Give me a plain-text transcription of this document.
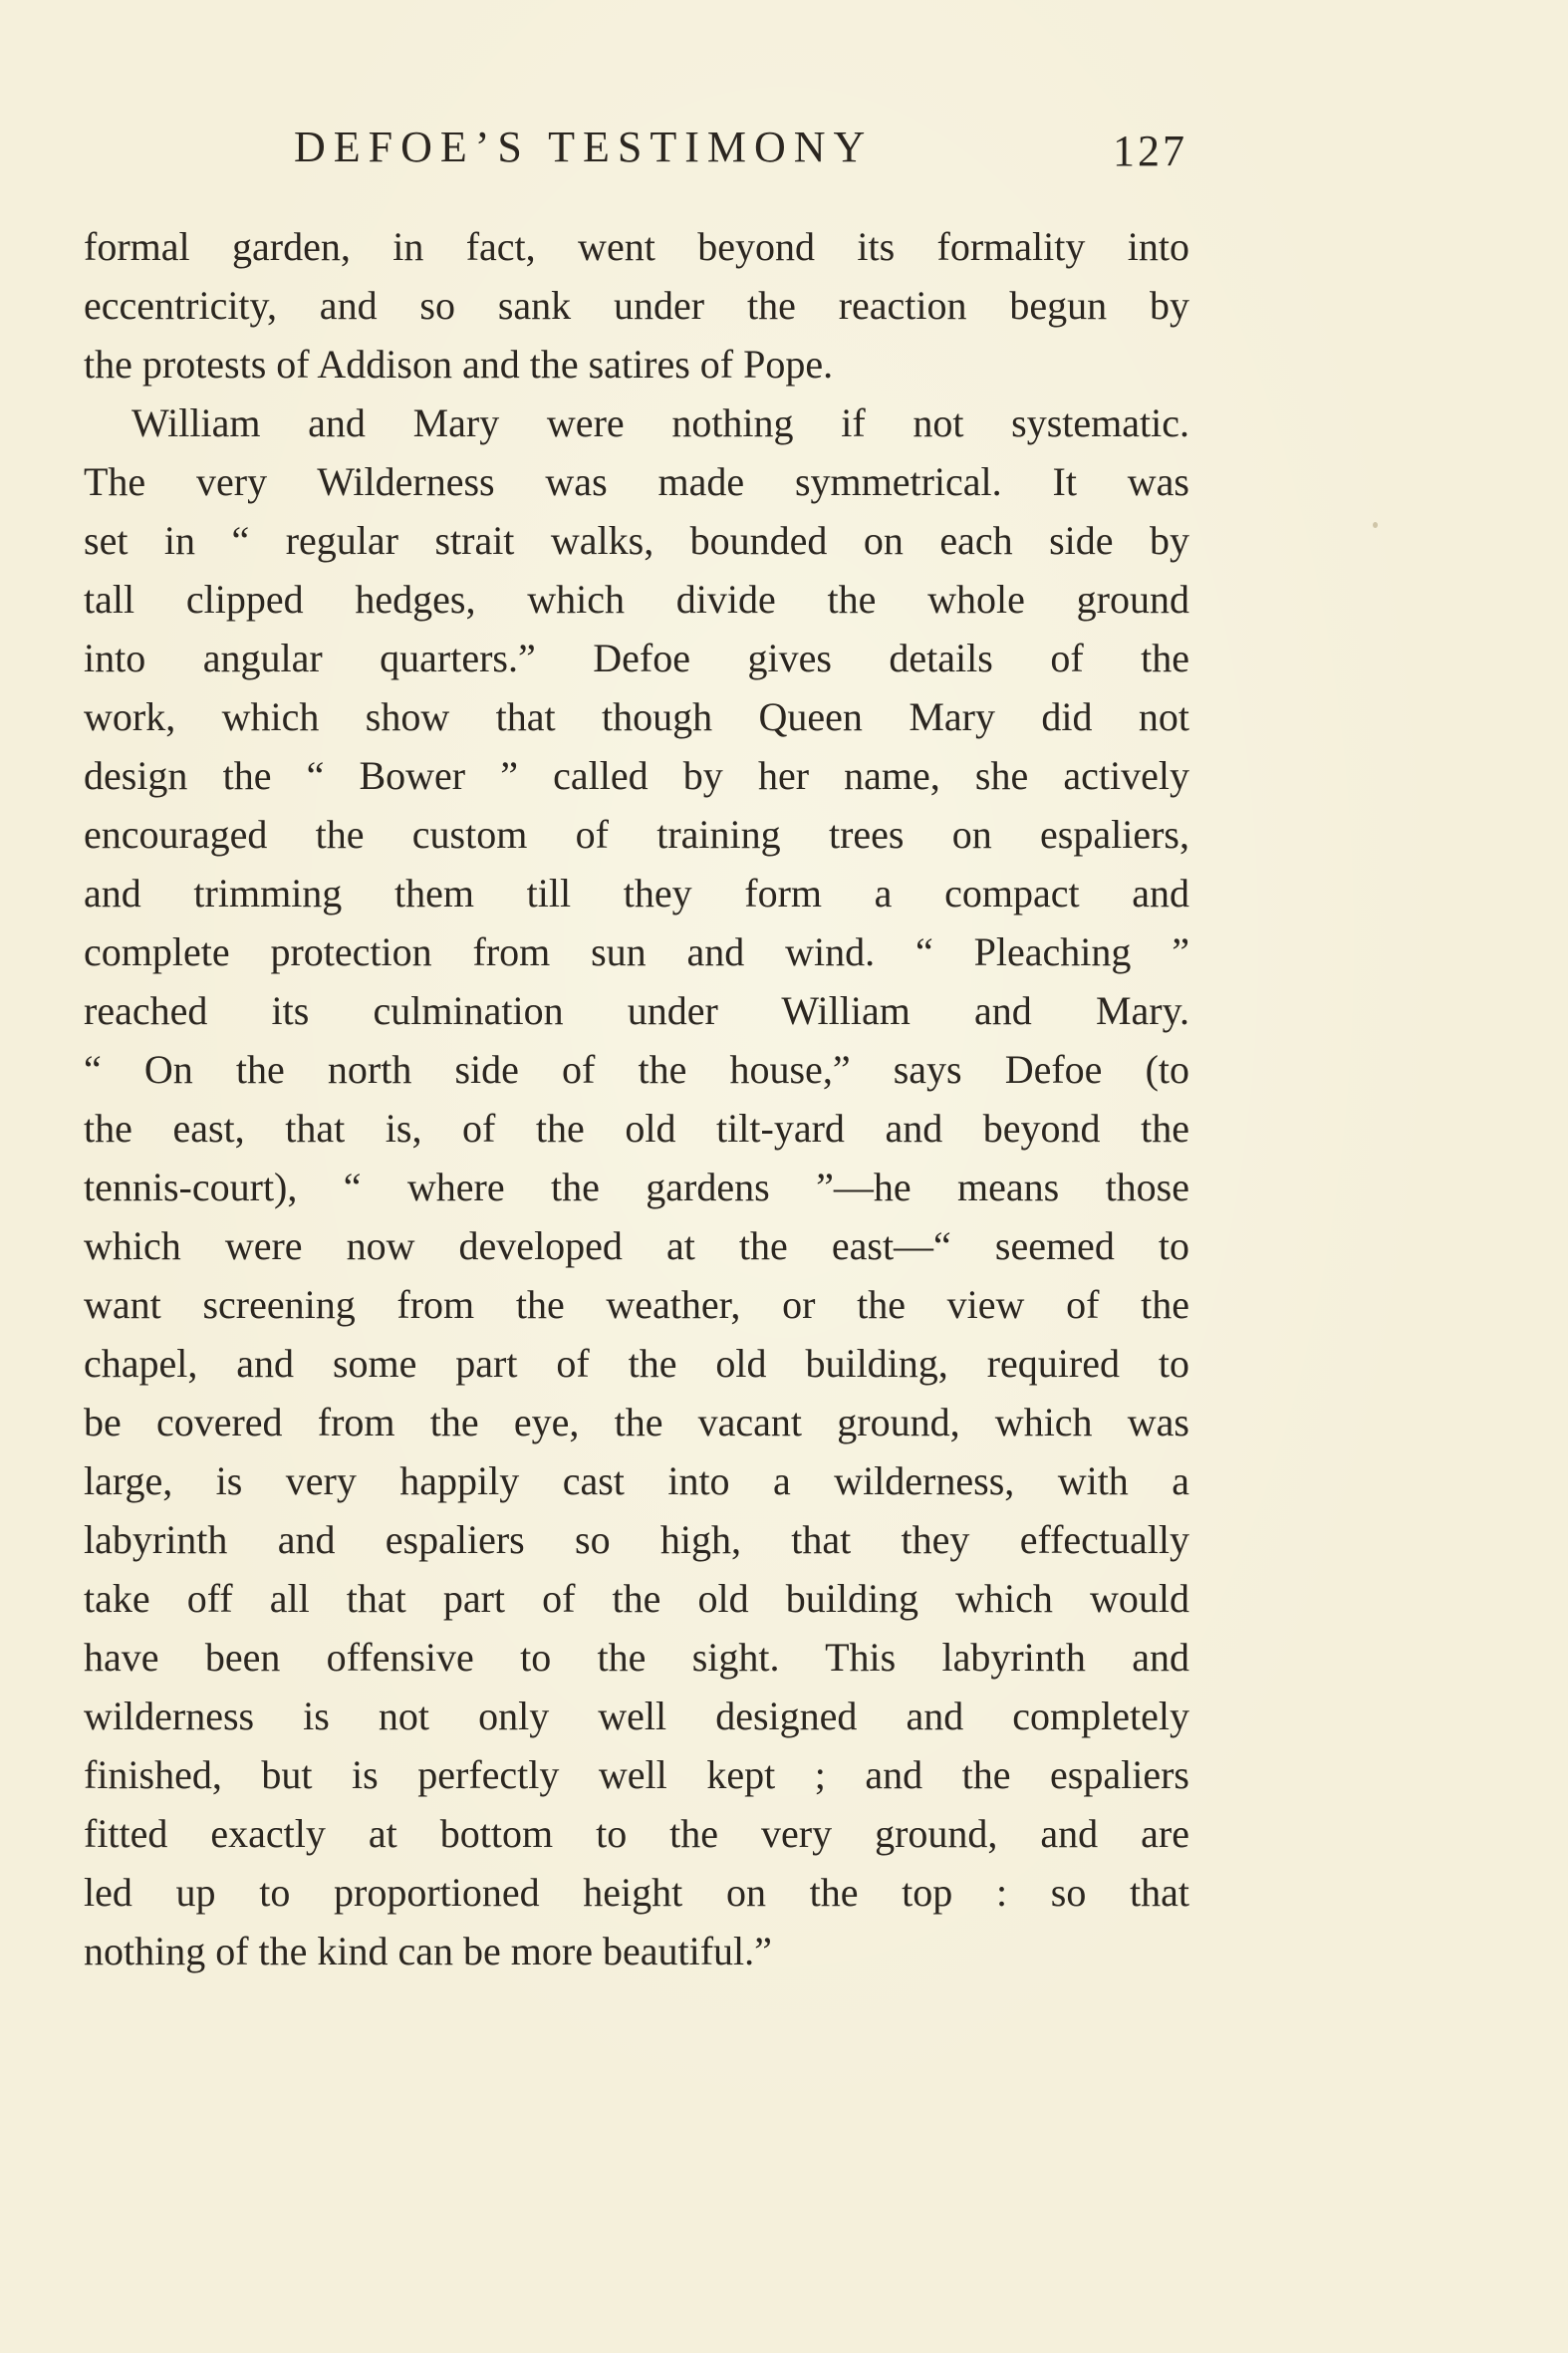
DEFOE’S TESTIMONY	127
formal garden, in fact, went beyond its formality into
eccentricity, and so sank under the reaction begun by
the protests of Addison and the satires of Pope.
William and Mary were nothing if not systematic.
The very Wilderness was made symmetrical. It was
set in “ regular strait walks, bounded on each side by
tall clipped hedges, which divide the whole ground
into angular quarters.” Defoe gives details of the
work, which show that though Queen Mary did not
design the “ Bower ” called by her name, she actively
encouraged the custom of training trees on espaliers,
and trimming them till they form a compact and
complete protection from sun and wind. “ Pleaching ”
reached its culmination under William and Mary.
“ On the north side of the house,” says Defoe (to
the east, that is, of the old tilt-yard and beyond the
tennis-court), “ where the gardens ”—he means those
which were now developed at the east—“ seemed to
want screening from the weather, or the view of the
chapel, and some part of the old building, required to
be covered from the eye, the vacant ground, which was
large, is very happily cast into a wilderness, with a
labyrinth and espaliers so high, that they effectually
take off all that part of the old building which would
have been offensive to the sight. This labyrinth and
wilderness is not only well designed and completely
finished, but is perfectly well kept ; and the espaliers
fitted exactly at bottom to the very ground, and are
led up to proportioned height on the top : so that
nothing of the kind can be more beautiful.”
